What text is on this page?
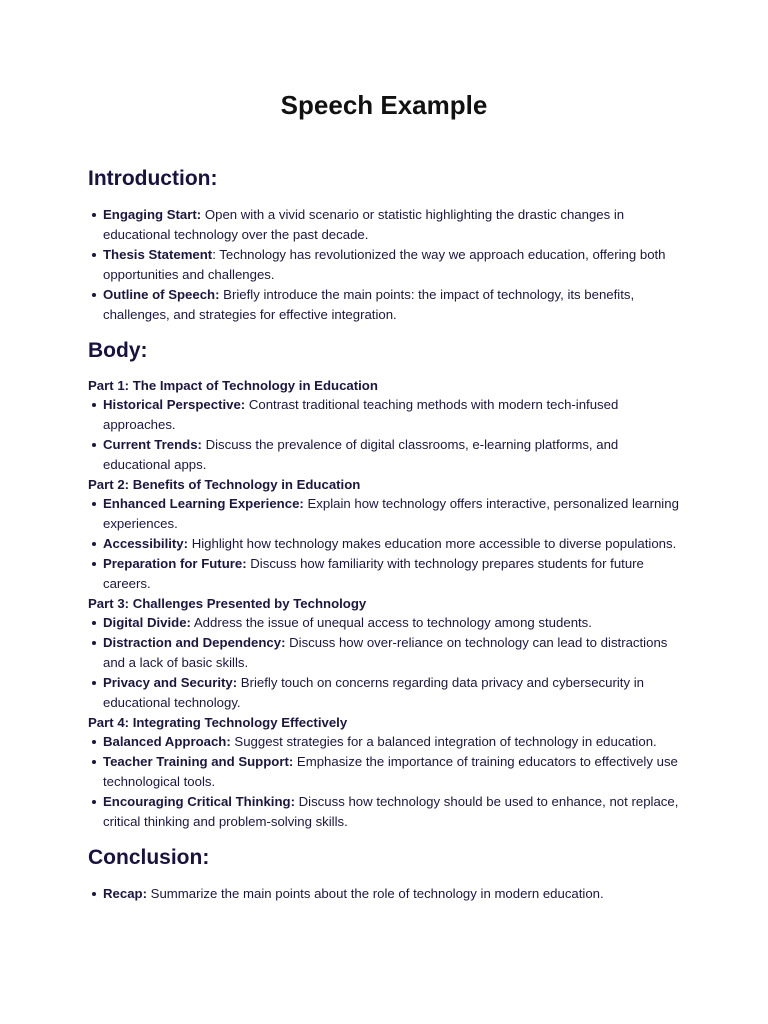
Speech Example
Introduction:
Engaging Start: Open with a vivid scenario or statistic highlighting the drastic changes in educational technology over the past decade.
Thesis Statement: Technology has revolutionized the way we approach education, offering both opportunities and challenges.
Outline of Speech: Briefly introduce the main points: the impact of technology, its benefits, challenges, and strategies for effective integration.
Body:

Part 1: The Impact of Technology in Education

Historical Perspective: Contrast traditional teaching methods with modern tech-infused approaches.
Current Trends: Discuss the prevalence of digital classrooms, e-learning platforms, and educational apps.

Part 2: Benefits of Technology in Education

Enhanced Learning Experience: Explain how technology offers interactive, personalized learning experiences.
Accessibility: Highlight how technology makes education more accessible to diverse populations.
Preparation for Future: Discuss how familiarity with technology prepares students for future careers.

Part 3: Challenges Presented by Technology

Digital Divide: Address the issue of unequal access to technology among students.
Distraction and Dependency: Discuss how over-reliance on technology can lead to distractions and a lack of basic skills.
Privacy and Security: Briefly touch on concerns regarding data privacy and cybersecurity in educational technology.

Part 4: Integrating Technology Effectively

Balanced Approach: Suggest strategies for a balanced integration of technology in education.
Teacher Training and Support: Emphasize the importance of training educators to effectively use technological tools.
Encouraging Critical Thinking: Discuss how technology should be used to enhance, not replace, critical thinking and problem-solving skills.
Conclusion:
Recap: Summarize the main points about the role of technology in modern education.
